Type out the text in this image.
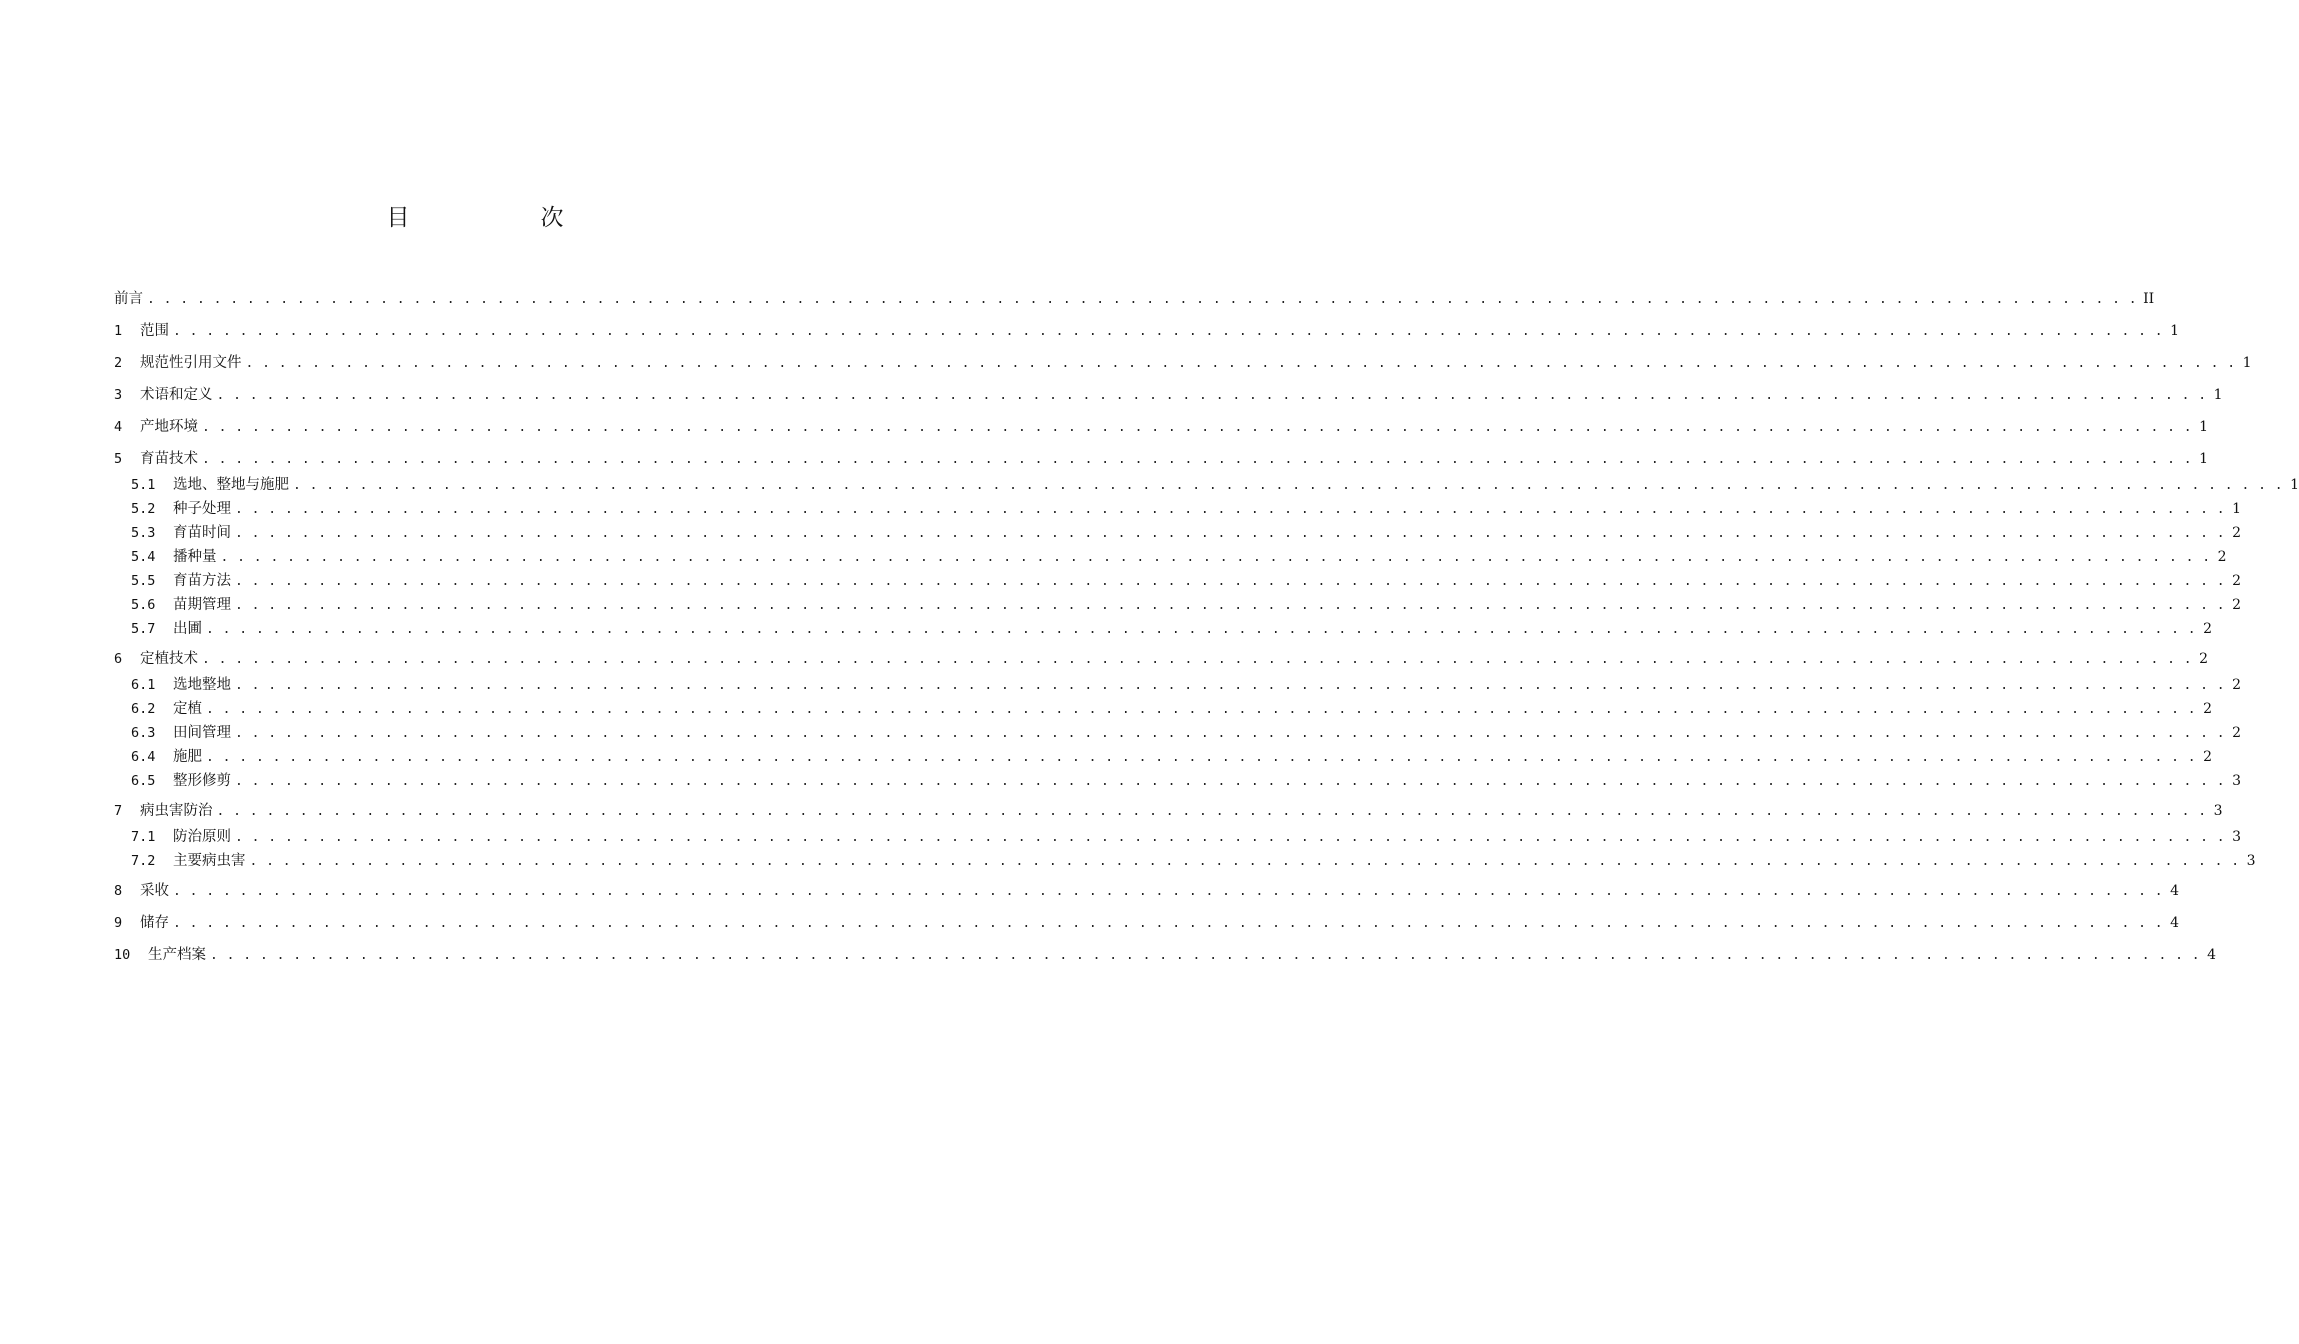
目　次
前言 . . . . . . . . . . . . . . . . . . . . . . . . . . . . . . . . . . . . . . . . . . . . . . . . . . . . . . . . . . . . . . . . . . . . . . . . . . . . . . . . . . . . . . . . . . . . . . . . . . . . . . . . . . . . . . . . . . . . . . . . II
1	范围 . . . . . . . . . . . . . . . . . . . . . . . . . . . . . . . . . . . . . . . . . . . . . . . . . . . . . . . . . . . . . . . . . . . . . . . . . . . . . . . . . . . . . . . . . . . . . . . . . . . . . . . . . . . . . . . . . . . . . . . . 1
2	规范性引用文件 . . . . . . . . . . . . . . . . . . . . . . . . . . . . . . . . . . . . . . . . . . . . . . . . . . . . . . . . . . . . . . . . . . . . . . . . . . . . . . . . . . . . . . . . . . . . . . . . . . . . . . . . . . . . . . . . . . . . . . . . 1
3	术语和定义 . . . . . . . . . . . . . . . . . . . . . . . . . . . . . . . . . . . . . . . . . . . . . . . . . . . . . . . . . . . . . . . . . . . . . . . . . . . . . . . . . . . . . . . . . . . . . . . . . . . . . . . . . . . . . . . . . . . . . . . . 1
4	产地环境 . . . . . . . . . . . . . . . . . . . . . . . . . . . . . . . . . . . . . . . . . . . . . . . . . . . . . . . . . . . . . . . . . . . . . . . . . . . . . . . . . . . . . . . . . . . . . . . . . . . . . . . . . . . . . . . . . . . . . . . . 1
5	育苗技术 . . . . . . . . . . . . . . . . . . . . . . . . . . . . . . . . . . . . . . . . . . . . . . . . . . . . . . . . . . . . . . . . . . . . . . . . . . . . . . . . . . . . . . . . . . . . . . . . . . . . . . . . . . . . . . . . . . . . . . . . 1
5.1	选地、整地与施肥 . . . . . . . . . . . . . . . . . . . . . . . . . . . . . . . . . . . . . . . . . . . . . . . . . . . . . . . . . . . . . . . . . . . . . . . . . . . . . . . . . . . . . . . . . . . . . . . . . . . . . . . . . . . . . . . . . . . . . . . . 1
5.2	种子处理 . . . . . . . . . . . . . . . . . . . . . . . . . . . . . . . . . . . . . . . . . . . . . . . . . . . . . . . . . . . . . . . . . . . . . . . . . . . . . . . . . . . . . . . . . . . . . . . . . . . . . . . . . . . . . . . . . . . . . . . . 1
5.3	育苗时间 . . . . . . . . . . . . . . . . . . . . . . . . . . . . . . . . . . . . . . . . . . . . . . . . . . . . . . . . . . . . . . . . . . . . . . . . . . . . . . . . . . . . . . . . . . . . . . . . . . . . . . . . . . . . . . . . . . . . . . . . 2
5.4	播种量 . . . . . . . . . . . . . . . . . . . . . . . . . . . . . . . . . . . . . . . . . . . . . . . . . . . . . . . . . . . . . . . . . . . . . . . . . . . . . . . . . . . . . . . . . . . . . . . . . . . . . . . . . . . . . . . . . . . . . . . . 2
5.5	育苗方法 . . . . . . . . . . . . . . . . . . . . . . . . . . . . . . . . . . . . . . . . . . . . . . . . . . . . . . . . . . . . . . . . . . . . . . . . . . . . . . . . . . . . . . . . . . . . . . . . . . . . . . . . . . . . . . . . . . . . . . . . 2
5.6	苗期管理 . . . . . . . . . . . . . . . . . . . . . . . . . . . . . . . . . . . . . . . . . . . . . . . . . . . . . . . . . . . . . . . . . . . . . . . . . . . . . . . . . . . . . . . . . . . . . . . . . . . . . . . . . . . . . . . . . . . . . . . . 2
5.7	出圃 . . . . . . . . . . . . . . . . . . . . . . . . . . . . . . . . . . . . . . . . . . . . . . . . . . . . . . . . . . . . . . . . . . . . . . . . . . . . . . . . . . . . . . . . . . . . . . . . . . . . . . . . . . . . . . . . . . . . . . . . 2
6	定植技术 . . . . . . . . . . . . . . . . . . . . . . . . . . . . . . . . . . . . . . . . . . . . . . . . . . . . . . . . . . . . . . . . . . . . . . . . . . . . . . . . . . . . . . . . . . . . . . . . . . . . . . . . . . . . . . . . . . . . . . . . 2
6.1	选地整地 . . . . . . . . . . . . . . . . . . . . . . . . . . . . . . . . . . . . . . . . . . . . . . . . . . . . . . . . . . . . . . . . . . . . . . . . . . . . . . . . . . . . . . . . . . . . . . . . . . . . . . . . . . . . . . . . . . . . . . . . 2
6.2	定植 . . . . . . . . . . . . . . . . . . . . . . . . . . . . . . . . . . . . . . . . . . . . . . . . . . . . . . . . . . . . . . . . . . . . . . . . . . . . . . . . . . . . . . . . . . . . . . . . . . . . . . . . . . . . . . . . . . . . . . . . 2
6.3	田间管理 . . . . . . . . . . . . . . . . . . . . . . . . . . . . . . . . . . . . . . . . . . . . . . . . . . . . . . . . . . . . . . . . . . . . . . . . . . . . . . . . . . . . . . . . . . . . . . . . . . . . . . . . . . . . . . . . . . . . . . . . 2
6.4	施肥 . . . . . . . . . . . . . . . . . . . . . . . . . . . . . . . . . . . . . . . . . . . . . . . . . . . . . . . . . . . . . . . . . . . . . . . . . . . . . . . . . . . . . . . . . . . . . . . . . . . . . . . . . . . . . . . . . . . . . . . . 2
6.5	整形修剪 . . . . . . . . . . . . . . . . . . . . . . . . . . . . . . . . . . . . . . . . . . . . . . . . . . . . . . . . . . . . . . . . . . . . . . . . . . . . . . . . . . . . . . . . . . . . . . . . . . . . . . . . . . . . . . . . . . . . . . . . 3
7	病虫害防治 . . . . . . . . . . . . . . . . . . . . . . . . . . . . . . . . . . . . . . . . . . . . . . . . . . . . . . . . . . . . . . . . . . . . . . . . . . . . . . . . . . . . . . . . . . . . . . . . . . . . . . . . . . . . . . . . . . . . . . . . 3
7.1	防治原则 . . . . . . . . . . . . . . . . . . . . . . . . . . . . . . . . . . . . . . . . . . . . . . . . . . . . . . . . . . . . . . . . . . . . . . . . . . . . . . . . . . . . . . . . . . . . . . . . . . . . . . . . . . . . . . . . . . . . . . . . 3
7.2	主要病虫害 . . . . . . . . . . . . . . . . . . . . . . . . . . . . . . . . . . . . . . . . . . . . . . . . . . . . . . . . . . . . . . . . . . . . . . . . . . . . . . . . . . . . . . . . . . . . . . . . . . . . . . . . . . . . . . . . . . . . . . . . 3
8	采收 . . . . . . . . . . . . . . . . . . . . . . . . . . . . . . . . . . . . . . . . . . . . . . . . . . . . . . . . . . . . . . . . . . . . . . . . . . . . . . . . . . . . . . . . . . . . . . . . . . . . . . . . . . . . . . . . . . . . . . . . 4
9	储存 . . . . . . . . . . . . . . . . . . . . . . . . . . . . . . . . . . . . . . . . . . . . . . . . . . . . . . . . . . . . . . . . . . . . . . . . . . . . . . . . . . . . . . . . . . . . . . . . . . . . . . . . . . . . . . . . . . . . . . . . 4
10	生产档案 . . . . . . . . . . . . . . . . . . . . . . . . . . . . . . . . . . . . . . . . . . . . . . . . . . . . . . . . . . . . . . . . . . . . . . . . . . . . . . . . . . . . . . . . . . . . . . . . . . . . . . . . . . . . . . . . . . . . . . . . 4
